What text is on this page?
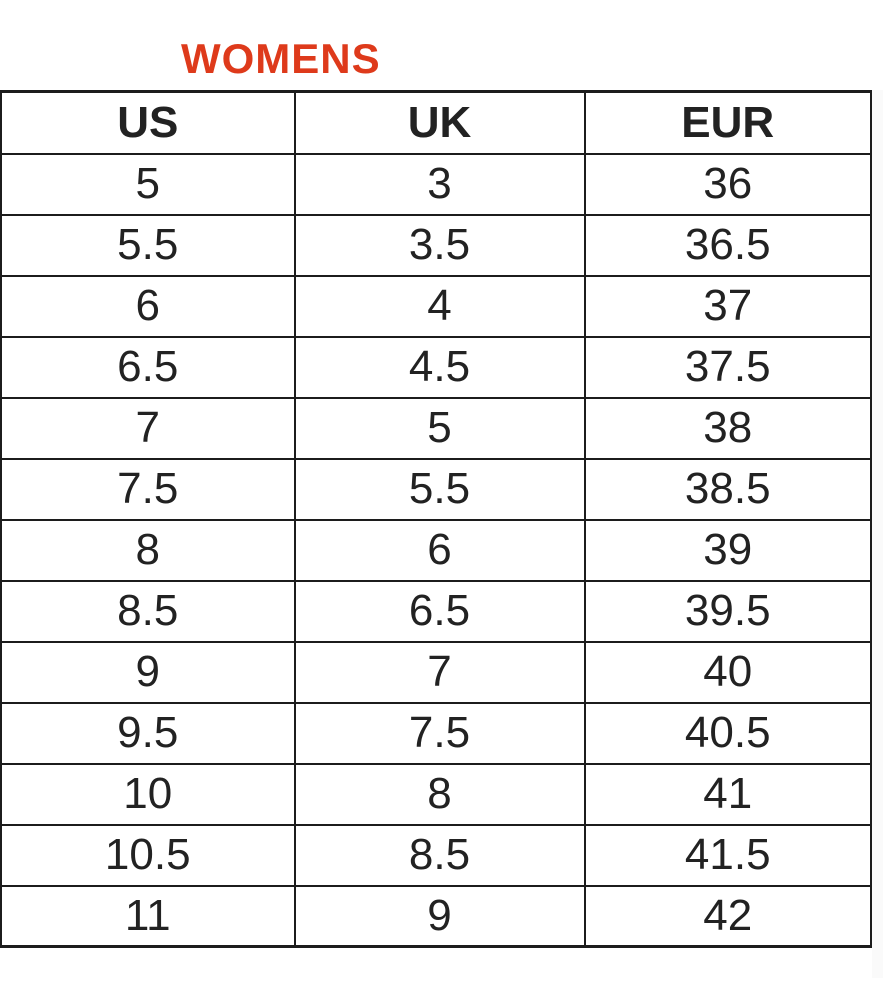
WOMENS
US	UK	EUR
5	3	36
5.5	3.5	36.5
6	4	37
6.5	4.5	37.5
7	5	38
7.5	5.5	38.5
8	6	39
8.5	6.5	39.5
9	7	40
9.5	7.5	40.5
10	8	41
10.5	8.5	41.5
11	9	42
